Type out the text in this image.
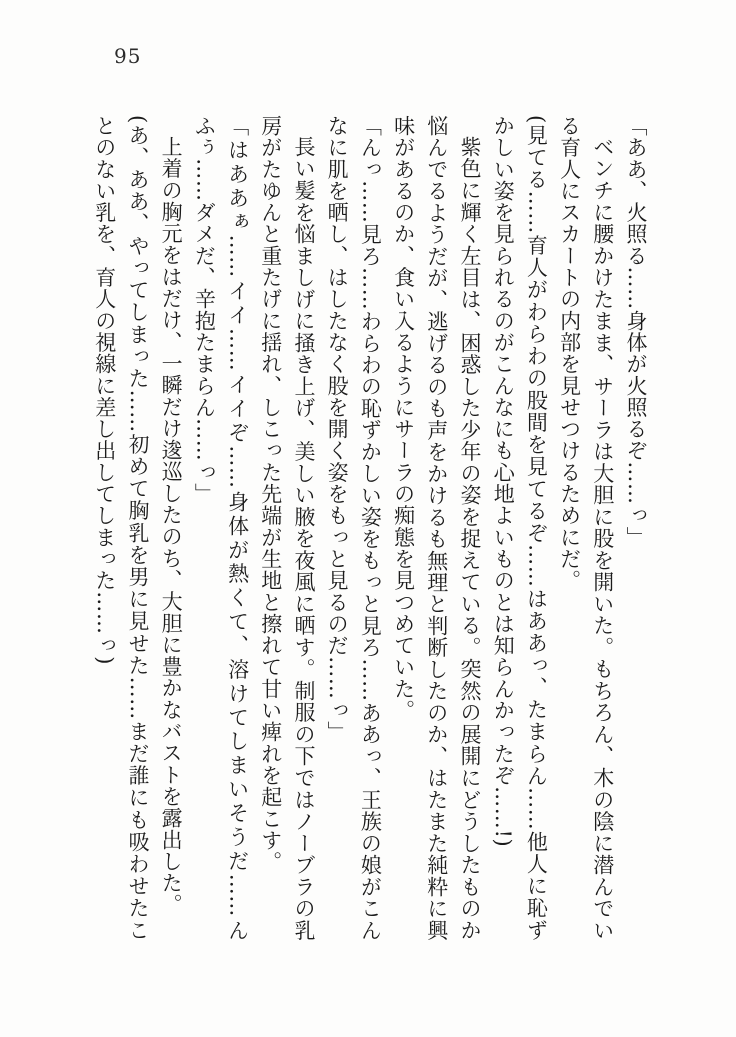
95

「ああ、火照る……身体が火照るぞ……っ」

ベンチに腰かけたまま、サーラは大胆に股を開いた。もちろん、木の陰に潜んでいる育人にスカートの内部を見せつけるためにだ。

(見てる……育人がわらわの股間を見てるぞ……はああっ、たまらん……他人に恥ずかしい姿を見られるのがこんなにも心地よいものとは知らんかったぞ……!)

紫色に輝く左目は、困惑した少年の姿を捉えている。突然の展開にどうしたものか悩んでるようだが、逃げるのも声をかけるも無理と判断したのか、はたまた純粋に興味があるのか、食い入るようにサーラの痴態を見つめていた。

「んっ……見ろ……わらわの恥ずかしい姿をもっと見ろ……ああっ、王族の娘がこんなに肌を晒し、はしたなく股を開く姿をもっと見るのだ……っ」

長い髪を悩ましげに掻き上げ、美しい腋を夜風に晒す。制服の下ではノーブラの乳房がたゆんと重たげに揺れ、しこった先端が生地と擦れて甘い痺れを起こす。

「はああぁ……イイ……イイぞ……身体が熱くて、溶けてしまいそうだ……んふぅ……ダメだ、辛抱たまらん……っ」

上着の胸元をはだけ、一瞬だけ逡巡したのち、大胆に豊かなバストを露出した。

(あ、ああ、やってしまった……初めて胸乳を男に見せた……まだ誰にも吸わせたことのない乳を、育人の視線に差し出してしまった……っ)
